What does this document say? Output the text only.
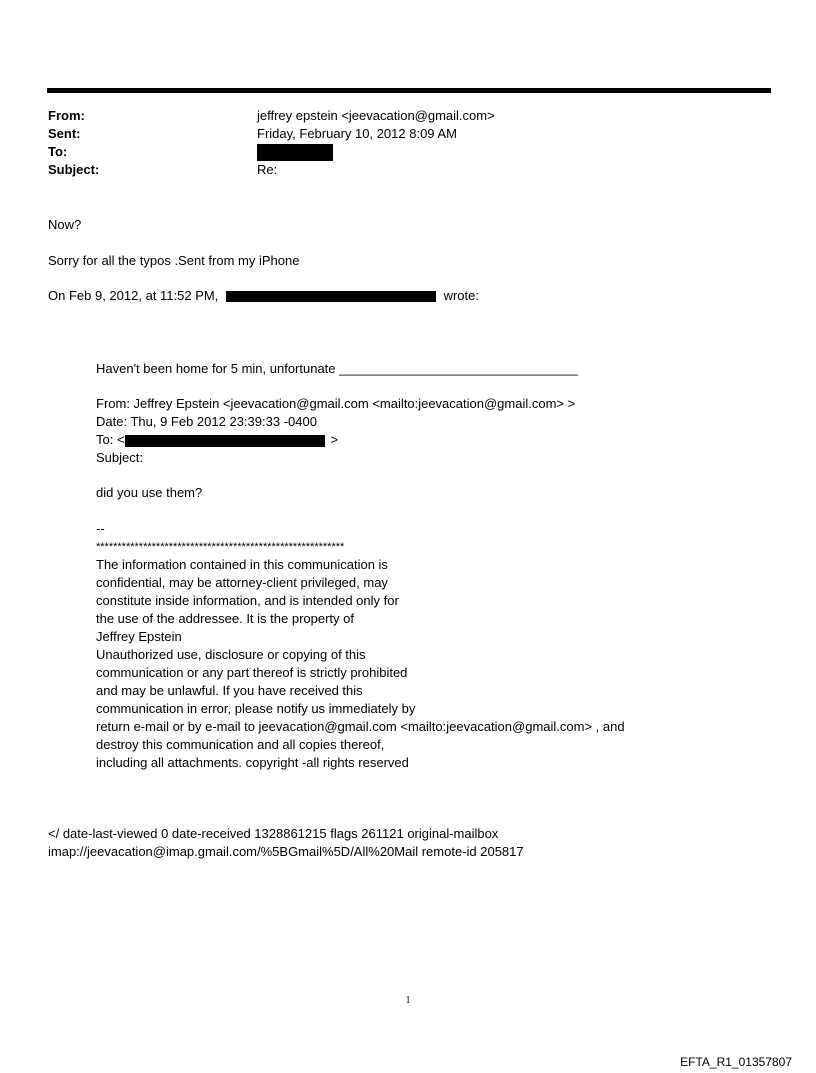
From:	jeffrey epstein <jeevacation@gmail.com>
Sent:	Friday, February 10, 2012 8:09 AM
To:
Subject:	Re:
Now?
Sorry for all the typos .Sent from my iPhone
On Feb 9, 2012, at 11:52 PM,	wrote:
Haven't been home for 5 min, unfortunate _________________________________
From: Jeffrey Epstein <jeevacation@gmail.com <mailto:jeevacation@gmail.com> >
Date: Thu, 9 Feb 2012 23:39:33 -0400
To: <	>
Subject:
did you use them?
--
**********************************************************
The information contained in this communication is
confidential, may be attorney-client privileged, may
constitute inside information, and is intended only for
the use of the addressee. It is the property of
Jeffrey Epstein
Unauthorized use, disclosure or copying of this
communication or any part thereof is strictly prohibited
and may be unlawful. If you have received this
communication in error, please notify us immediately by
return e-mail or by e-mail to jeevacation@gmail.com <mailto:jeevacation@gmail.com> , and
destroy this communication and all copies thereof,
including all attachments. copyright -all rights reserved
</ date-last-viewed 0 date-received 1328861215 flags 261121 original-mailbox
imap://jeevacation@imap.gmail.com/%5BGmail%5D/All%20Mail remote-id 205817
1
EFTA_R1_01357807
